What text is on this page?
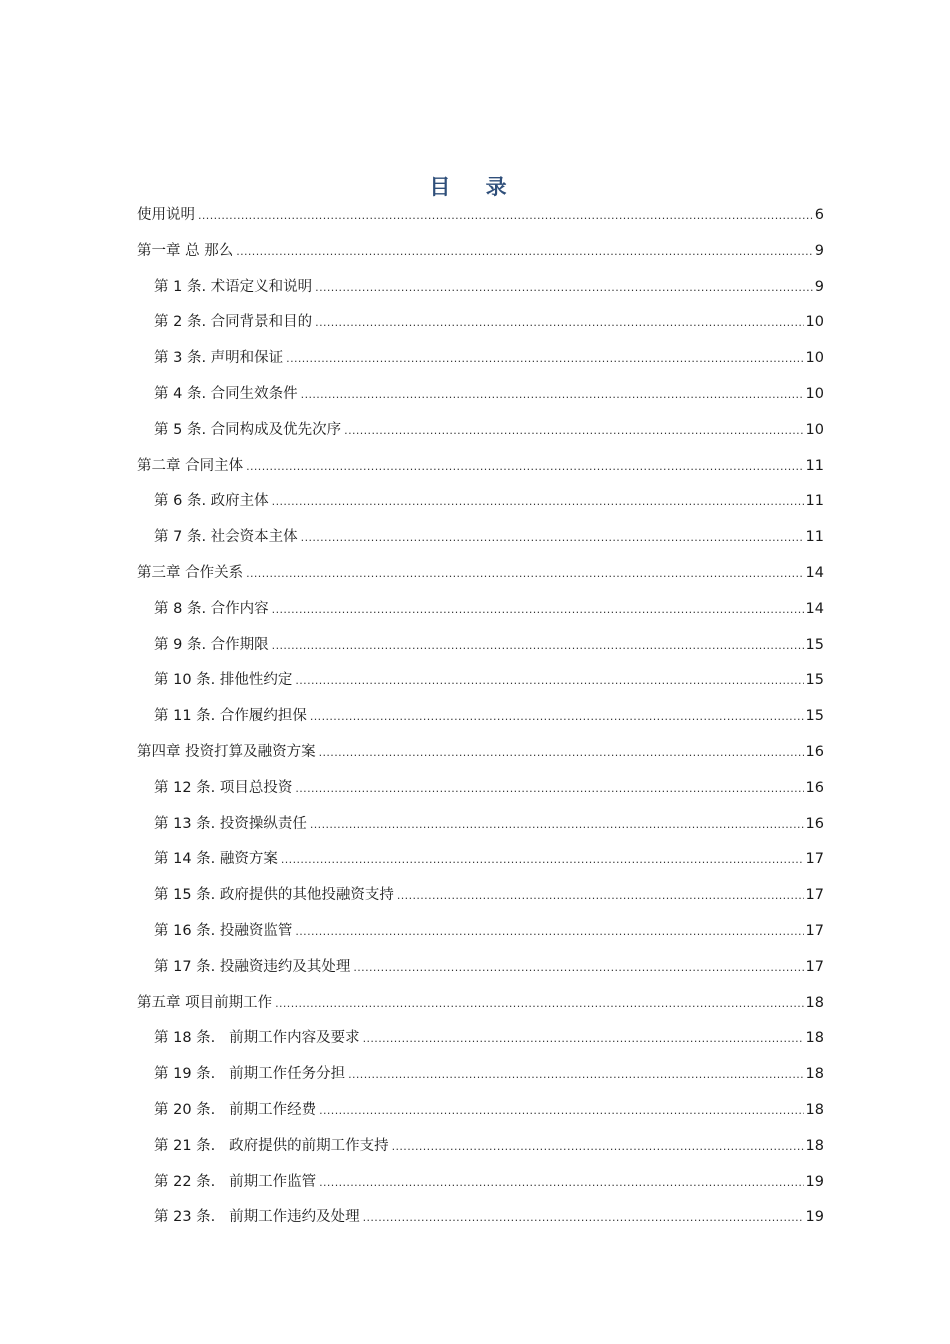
目 录
使用说明 .....	6
第一章 总 那么 .....	9
第 1 条. 术语定义和说明 .....	9
第 2 条. 合同背景和目的 .....	10
第 3 条. 声明和保证 .....	10
第 4 条. 合同生效条件 .....	10
第 5 条. 合同构成及优先次序 .....	10
第二章 合同主体 .....	11
第 6 条. 政府主体 .....	11
第 7 条. 社会资本主体 .....	11
第三章 合作关系 .....	14
第 8 条. 合作内容 .....	14
第 9 条. 合作期限 .....	15
第 10 条. 排他性约定 .....	15
第 11 条. 合作履约担保 .....	15
第四章 投资打算及融资方案 .....	16
第 12 条. 项目总投资 .....	16
第 13 条. 投资操纵责任 .....	16
第 14 条. 融资方案 .....	17
第 15 条. 政府提供的其他投融资支持 .....	17
第 16 条. 投融资监管 .....	17
第 17 条. 投融资违约及其处理 .....	17
第五章 项目前期工作 .....	18
第 18 条.   前期工作内容及要求 .....	18
第 19 条.   前期工作任务分担 .....	18
第 20 条.   前期工作经费 .....	18
第 21 条.   政府提供的前期工作支持 .....	18
第 22 条.   前期工作监管 .....	19
第 23 条.   前期工作违约及处理 .....	19
